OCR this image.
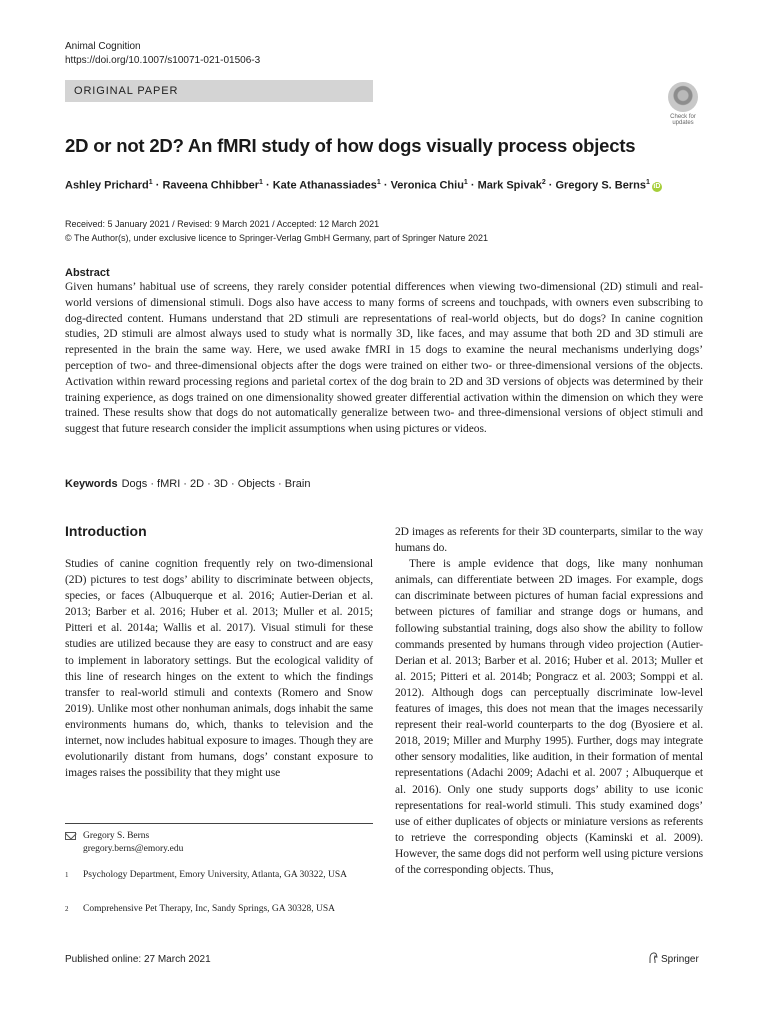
Animal Cognition
https://doi.org/10.1007/s10071-021-01506-3
ORIGINAL PAPER
Check for
updates
2D or not 2D? An fMRI study of how dogs visually process objects
Ashley Prichard$^1$ · Raveena Chhibber$^1$ · Kate Athanassiades$^1$ · Veronica Chiu$^1$ · Mark Spivak$^2$ · Gregory S. Berns$^1$iD
Received: 5 January 2021 / Revised: 9 March 2021 / Accepted: 12 March 2021
© The Author(s), under exclusive licence to Springer-Verlag GmbH Germany, part of Springer Nature 2021
Abstract
Given humans’ habitual use of screens, they rarely consider potential differences when viewing two-dimensional (2D) stimuli and real-world versions of dimensional stimuli. Dogs also have access to many forms of screens and touchpads, with owners even subscribing to dog-directed content. Humans understand that 2D stimuli are representations of real-world objects, but do dogs? In canine cognition studies, 2D stimuli are almost always used to study what is normally 3D, like faces, and may assume that both 2D and 3D stimuli are represented in the brain the same way. Here, we used awake fMRI in 15 dogs to examine the neural mechanisms underlying dogs’ perception of two- and three-dimensional objects after the dogs were trained on either two- or three-dimensional versions of the objects. Activation within reward processing regions and parietal cortex of the dog brain to 2D and 3D versions of objects was determined by their training experience, as dogs trained on one dimensionality showed greater differential activation within the dimension on which they were trained. These results show that dogs do not automatically generalize between two- and three-dimensional versions of object stimuli and suggest that future research consider the implicit assumptions when using pictures or videos.
Keywords Dogs · fMRI · 2D · 3D · Objects · Brain
Introduction

Studies of canine cognition frequently rely on two-dimensional (2D) pictures to test dogs’ ability to discriminate between objects, species, or faces (Albuquerque et al. 2016; Autier-Derian et al. 2013; Barber et al. 2016; Huber et al. 2013; Muller et al. 2015; Pitteri et al. 2014a; Wallis et al. 2017). Visual stimuli for these studies are utilized because they are easy to construct and are easy to implement in laboratory settings. But the ecological validity of this line of research hinges on the extent to which the findings transfer to real-world stimuli and contexts (Romero and Snow 2019). Unlike most other nonhuman animals, dogs inhabit the same environments humans do, which, thanks to television and the internet, now includes habitual exposure to images. Though they are evolutionarily distant from humans, dogs’ constant exposure to images raises the possibility that they might use

2D images as referents for their 3D counterparts, similar to the way humans do.

There is ample evidence that dogs, like many nonhuman animals, can differentiate between 2D images. For example, dogs can discriminate between pictures of human facial expressions and between pictures of familiar and strange dogs or humans, and following substantial training, dogs also show the ability to follow commands presented by humans through video projection (Autier-Derian et al. 2013; Barber et al. 2016; Huber et al. 2013; Muller et al. 2015; Pitteri et al. 2014b; Pongracz et al. 2003; Somppi et al. 2012). Although dogs can perceptually discriminate low-level features of images, this does not mean that the images necessarily represent their real-world counterparts to the dog (Byosiere et al. 2018, 2019; Miller and Murphy 1995). Further, dogs may integrate other sensory modalities, like audition, in their formation of mental representations (Adachi 2009; Adachi et al. 2007 ; Albuquerque et al. 2016). Only one study supports dogs’ ability to use iconic representations for real-world stimuli. This study examined dogs’ use of either duplicates of objects or miniature versions as referents to retrieve the corresponding objects (Kaminski et al. 2009). However, the same dogs did not perform well using picture versions of the corresponding objects. Thus,

Gregory S. Berns
gregory.berns@emory.edu
1 Psychology Department, Emory University, Atlanta, GA 30322, USA
2 Comprehensive Pet Therapy, Inc, Sandy Springs, GA 30328, USA
Published online: 27 March 2021	Springer
